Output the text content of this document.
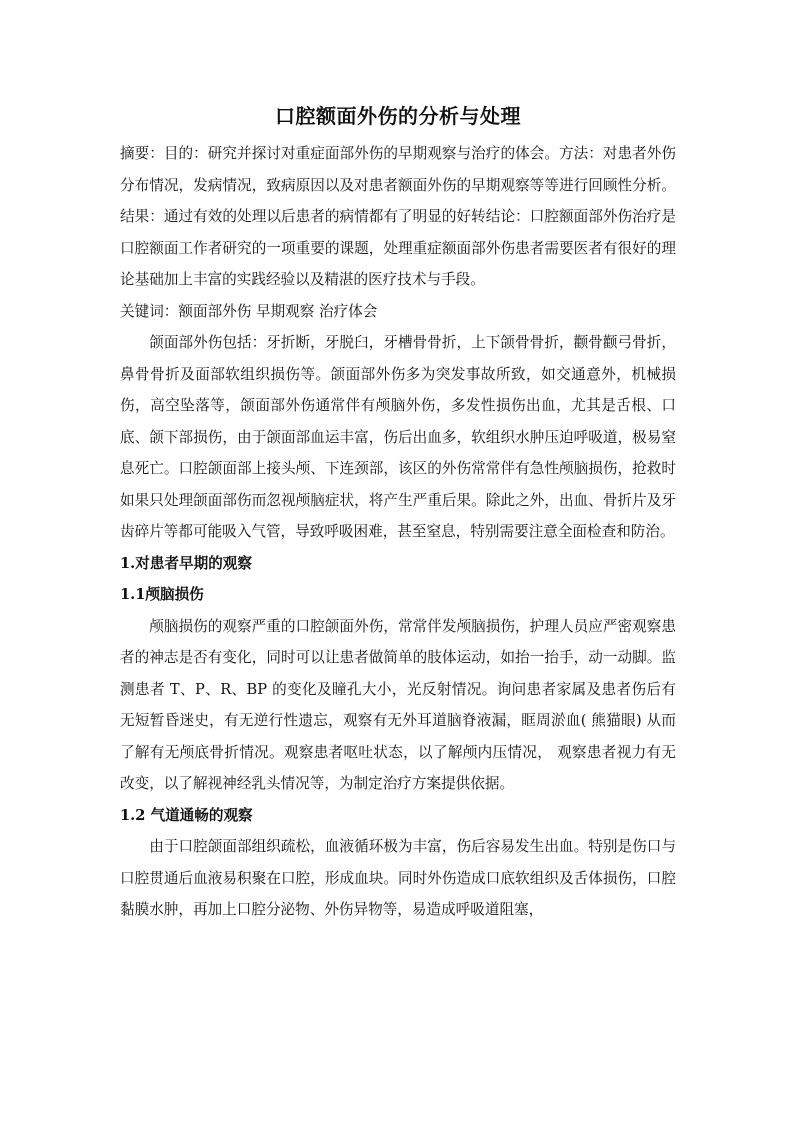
口腔额面外伤的分析与处理

摘要：目的：研究并探讨对重症面部外伤的早期观察与治疗的体会。方法：对患者外伤分布情况，发病情况，致病原因以及对患者额面外伤的早期观察等等进行回顾性分析。结果：通过有效的处理以后患者的病情都有了明显的好转结论：口腔额面部外伤治疗是口腔额面工作者研究的一项重要的课题，处理重症额面部外伤患者需要医者有很好的理论基础加上丰富的实践经验以及精湛的医疗技术与手段。

关键词：额面部外伤 早期观察 治疗体会

颌面部外伤包括：牙折断，牙脱臼，牙槽骨骨折，上下颌骨骨折，颧骨颧弓骨折，鼻骨骨折及面部软组织损伤等。颌面部外伤多为突发事故所致，如交通意外，机械损伤，高空坠落等，颌面部外伤通常伴有颅脑外伤，多发性损伤出血，尤其是舌根、口底、颌下部损伤，由于颌面部血运丰富，伤后出血多，软组织水肿压迫呼吸道，极易窒息死亡。口腔颌面部上接头颅、下连颈部，该区的外伤常常伴有急性颅脑损伤，抢救时如果只处理颌面部伤而忽视颅脑症状，将产生严重后果。除此之外，出血、骨折片及牙齿碎片等都可能吸入气管，导致呼吸困难，甚至窒息，特别需要注意全面检查和防治。

1.对患者早期的观察

1.1颅脑损伤

颅脑损伤的观察严重的口腔颌面外伤，常常伴发颅脑损伤，护理人员应严密观察患者的神志是否有变化，同时可以让患者做简单的肢体运动，如抬一抬手，动一动脚。监测患者 T、P、R、BP 的变化及瞳孔大小，光反射情况。询问患者家属及患者伤后有无短暂昏迷史，有无逆行性遗忘，观察有无外耳道脑脊液漏，眶周淤血( 熊猫眼) 从而了解有无颅底骨折情况。观察患者呕吐状态，以了解颅内压情况， 观察患者视力有无改变，以了解视神经乳头情况等，为制定治疗方案提供依据。

1.2 气道通畅的观察

由于口腔颌面部组织疏松，血液循环极为丰富，伤后容易发生出血。特别是伤口与口腔贯通后血液易积聚在口腔，形成血块。同时外伤造成口底软组织及舌体损伤，口腔黏膜水肿，再加上口腔分泌物、外伤异物等，易造成呼吸道阻塞，
